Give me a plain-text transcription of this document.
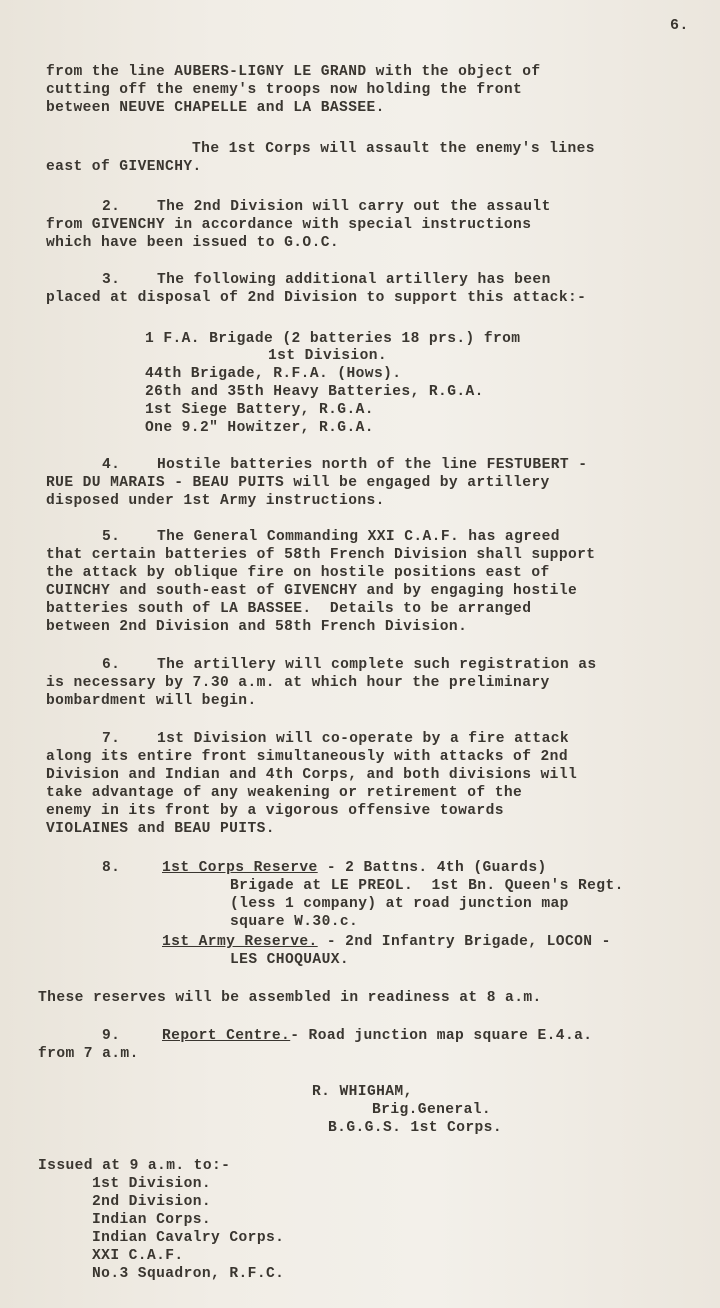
6.
from the line AUBERS-LIGNY LE GRAND with the object of
cutting off the enemy's troops now holding the front
between NEUVE CHAPELLE and LA BASSEE.
The 1st Corps will assault the enemy's lines
east of GIVENCHY.
2.    The 2nd Division will carry out the assault
from GIVENCHY in accordance with special instructions
which have been issued to G.O.C.
3.    The following additional artillery has been
placed at disposal of 2nd Division to support this attack:-
1 F.A. Brigade (2 batteries 18 prs.) from
1st Division.
44th Brigade, R.F.A. (Hows).
26th and 35th Heavy Batteries, R.G.A.
1st Siege Battery, R.G.A.
One 9.2" Howitzer, R.G.A.
4.    Hostile batteries north of the line FESTUBERT -
RUE DU MARAIS - BEAU PUITS will be engaged by artillery
disposed under 1st Army instructions.
5.    The General Commanding XXI C.A.F. has agreed
that certain batteries of 58th French Division shall support
the attack by oblique fire on hostile positions east of
CUINCHY and south-east of GIVENCHY and by engaging hostile
batteries south of LA BASSEE.  Details to be arranged
between 2nd Division and 58th French Division.
6.    The artillery will complete such registration as
is necessary by 7.30 a.m. at which hour the preliminary
bombardment will begin.
7.    1st Division will co-operate by a fire attack
along its entire front simultaneously with attacks of 2nd
Division and Indian and 4th Corps, and both divisions will
take advantage of any weakening or retirement of the
enemy in its front by a vigorous offensive towards
VIOLAINES and BEAU PUITS.
8.	1st Corps Reserve - 2 Battns. 4th (Guards)
Brigade at LE PREOL.  1st Bn. Queen's Regt.
(less 1 company) at road junction map
square W.30.c.
1st Army Reserve. - 2nd Infantry Brigade, LOCON -
LES CHOQUAUX.
These reserves will be assembled in readiness at 8 a.m.
9.	Report Centre.- Road junction map square E.4.a.
from 7 a.m.
R. WHIGHAM,
Brig.General.
B.G.G.S. 1st Corps.
Issued at 9 a.m. to:-
1st Division.
2nd Division.
Indian Corps.
Indian Cavalry Corps.
XXI C.A.F.
No.3 Squadron, R.F.C.
